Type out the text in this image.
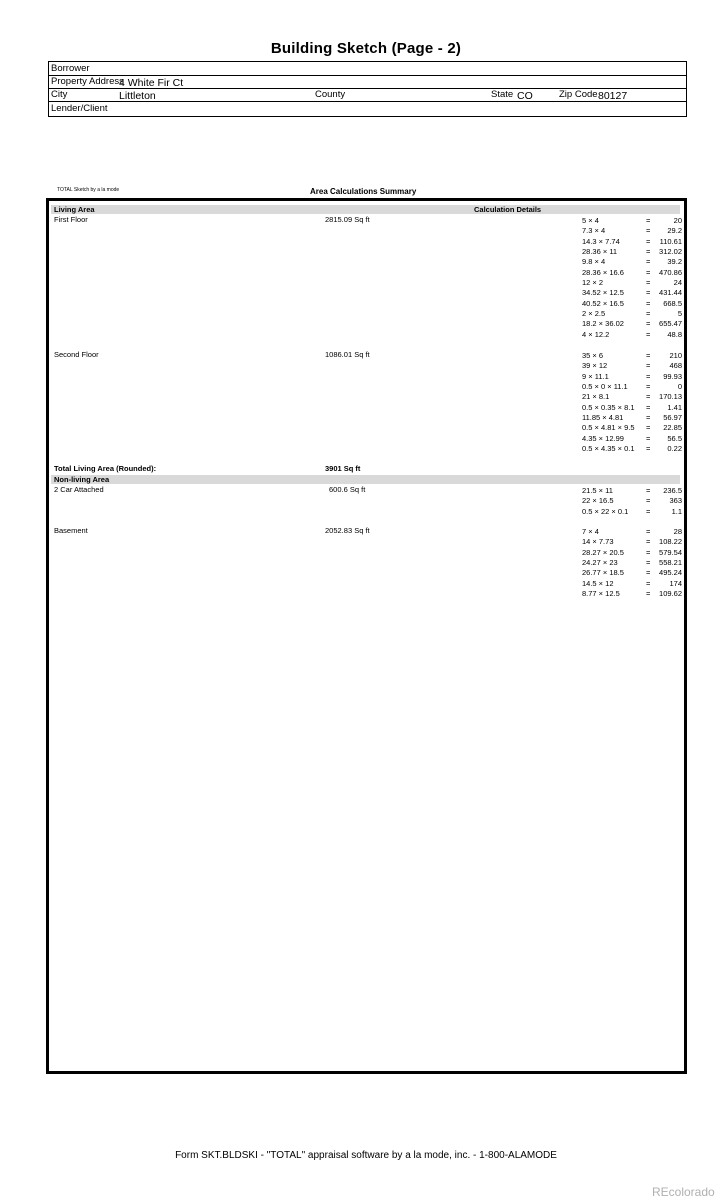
Building Sketch (Page - 2)
Borrower
Property Address
4 White Fir Ct
City	Littleton	County	State CO	Zip Code 80127
Lender/Client
TOTAL Sketch by a la mode	Area Calculations Summary
Living Area	Calculation Details
First Floor	2815.09 Sq ft	5 × 4	=	20
7.3 × 4	= 29.2
14.3 × 7.74	= 110.61
28.36 × 11	= 312.02
9.8 × 4	= 39.2
28.36 × 16.6	= 470.86
12 × 2	=	24
34.52 × 12.5	= 431.44
40.52 × 16.5	= 668.5
2 × 2.5	=	5
18.2 × 36.02	= 655.47
4 × 12.2	= 48.8
Second Floor	1086.01 Sq ft	35 × 6	=	210
39 × 12	=	468
9 × 11.1	= 99.93
0.5 × 0 × 11.1 =	0
21 × 8.1	= 170.13
0.5 × 0.35 × 8.1 = 1.41
11.85 × 4.81	= 56.97
0.5 × 4.81 × 9.5 = 22.85
4.35 × 12.99	= 56.5
0.5 × 4.35 × 0.1 = 0.22
Total Living Area (Rounded):	3901 Sq ft
Non-living Area
2 Car Attached	600.6 Sq ft	21.5 × 11	= 236.5
22 × 16.5	=	363
0.5 × 22 × 0.1 =	1.1
Basement	2052.83 Sq ft	7 × 4	=	28
14 × 7.73	= 108.22
28.27 × 20.5	= 579.54
24.27 × 23	= 558.21
26.77 × 18.5	= 495.24
14.5 × 12	=	174
8.77 × 12.5	= 109.62
Form SKT.BLDSKI - "TOTAL" appraisal software by a la mode, inc. - 1-800-ALAMODE
REcolorado
